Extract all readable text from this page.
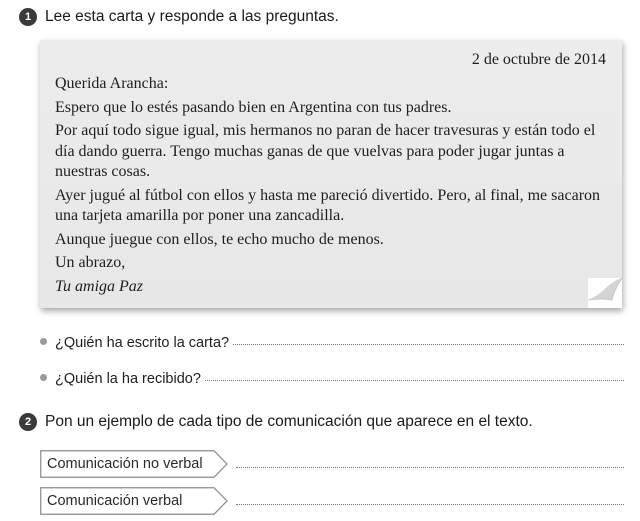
1 Lee esta carta y responde a las preguntas.
2 de octubre de 2014

Querida Arancha:

Espero que lo estés pasando bien en Argentina con tus padres.

Por aquí todo sigue igual, mis hermanos no paran de hacer travesuras y están todo el día dando guerra. Tengo muchas ganas de que vuelvas para poder jugar juntas a nuestras cosas.

Ayer jugué al fútbol con ellos y hasta me pareció divertido. Pero, al final, me sacaron una tarjeta amarilla por poner una zancadilla.

Aunque juegue con ellos, te echo mucho de menos.

Un abrazo,

Tu amiga Paz

¿Quién ha escrito la carta?
¿Quién la ha recibido?
2 Pon un ejemplo de cada tipo de comunicación que aparece en el texto.
Comunicación no verbal
Comunicación verbal
